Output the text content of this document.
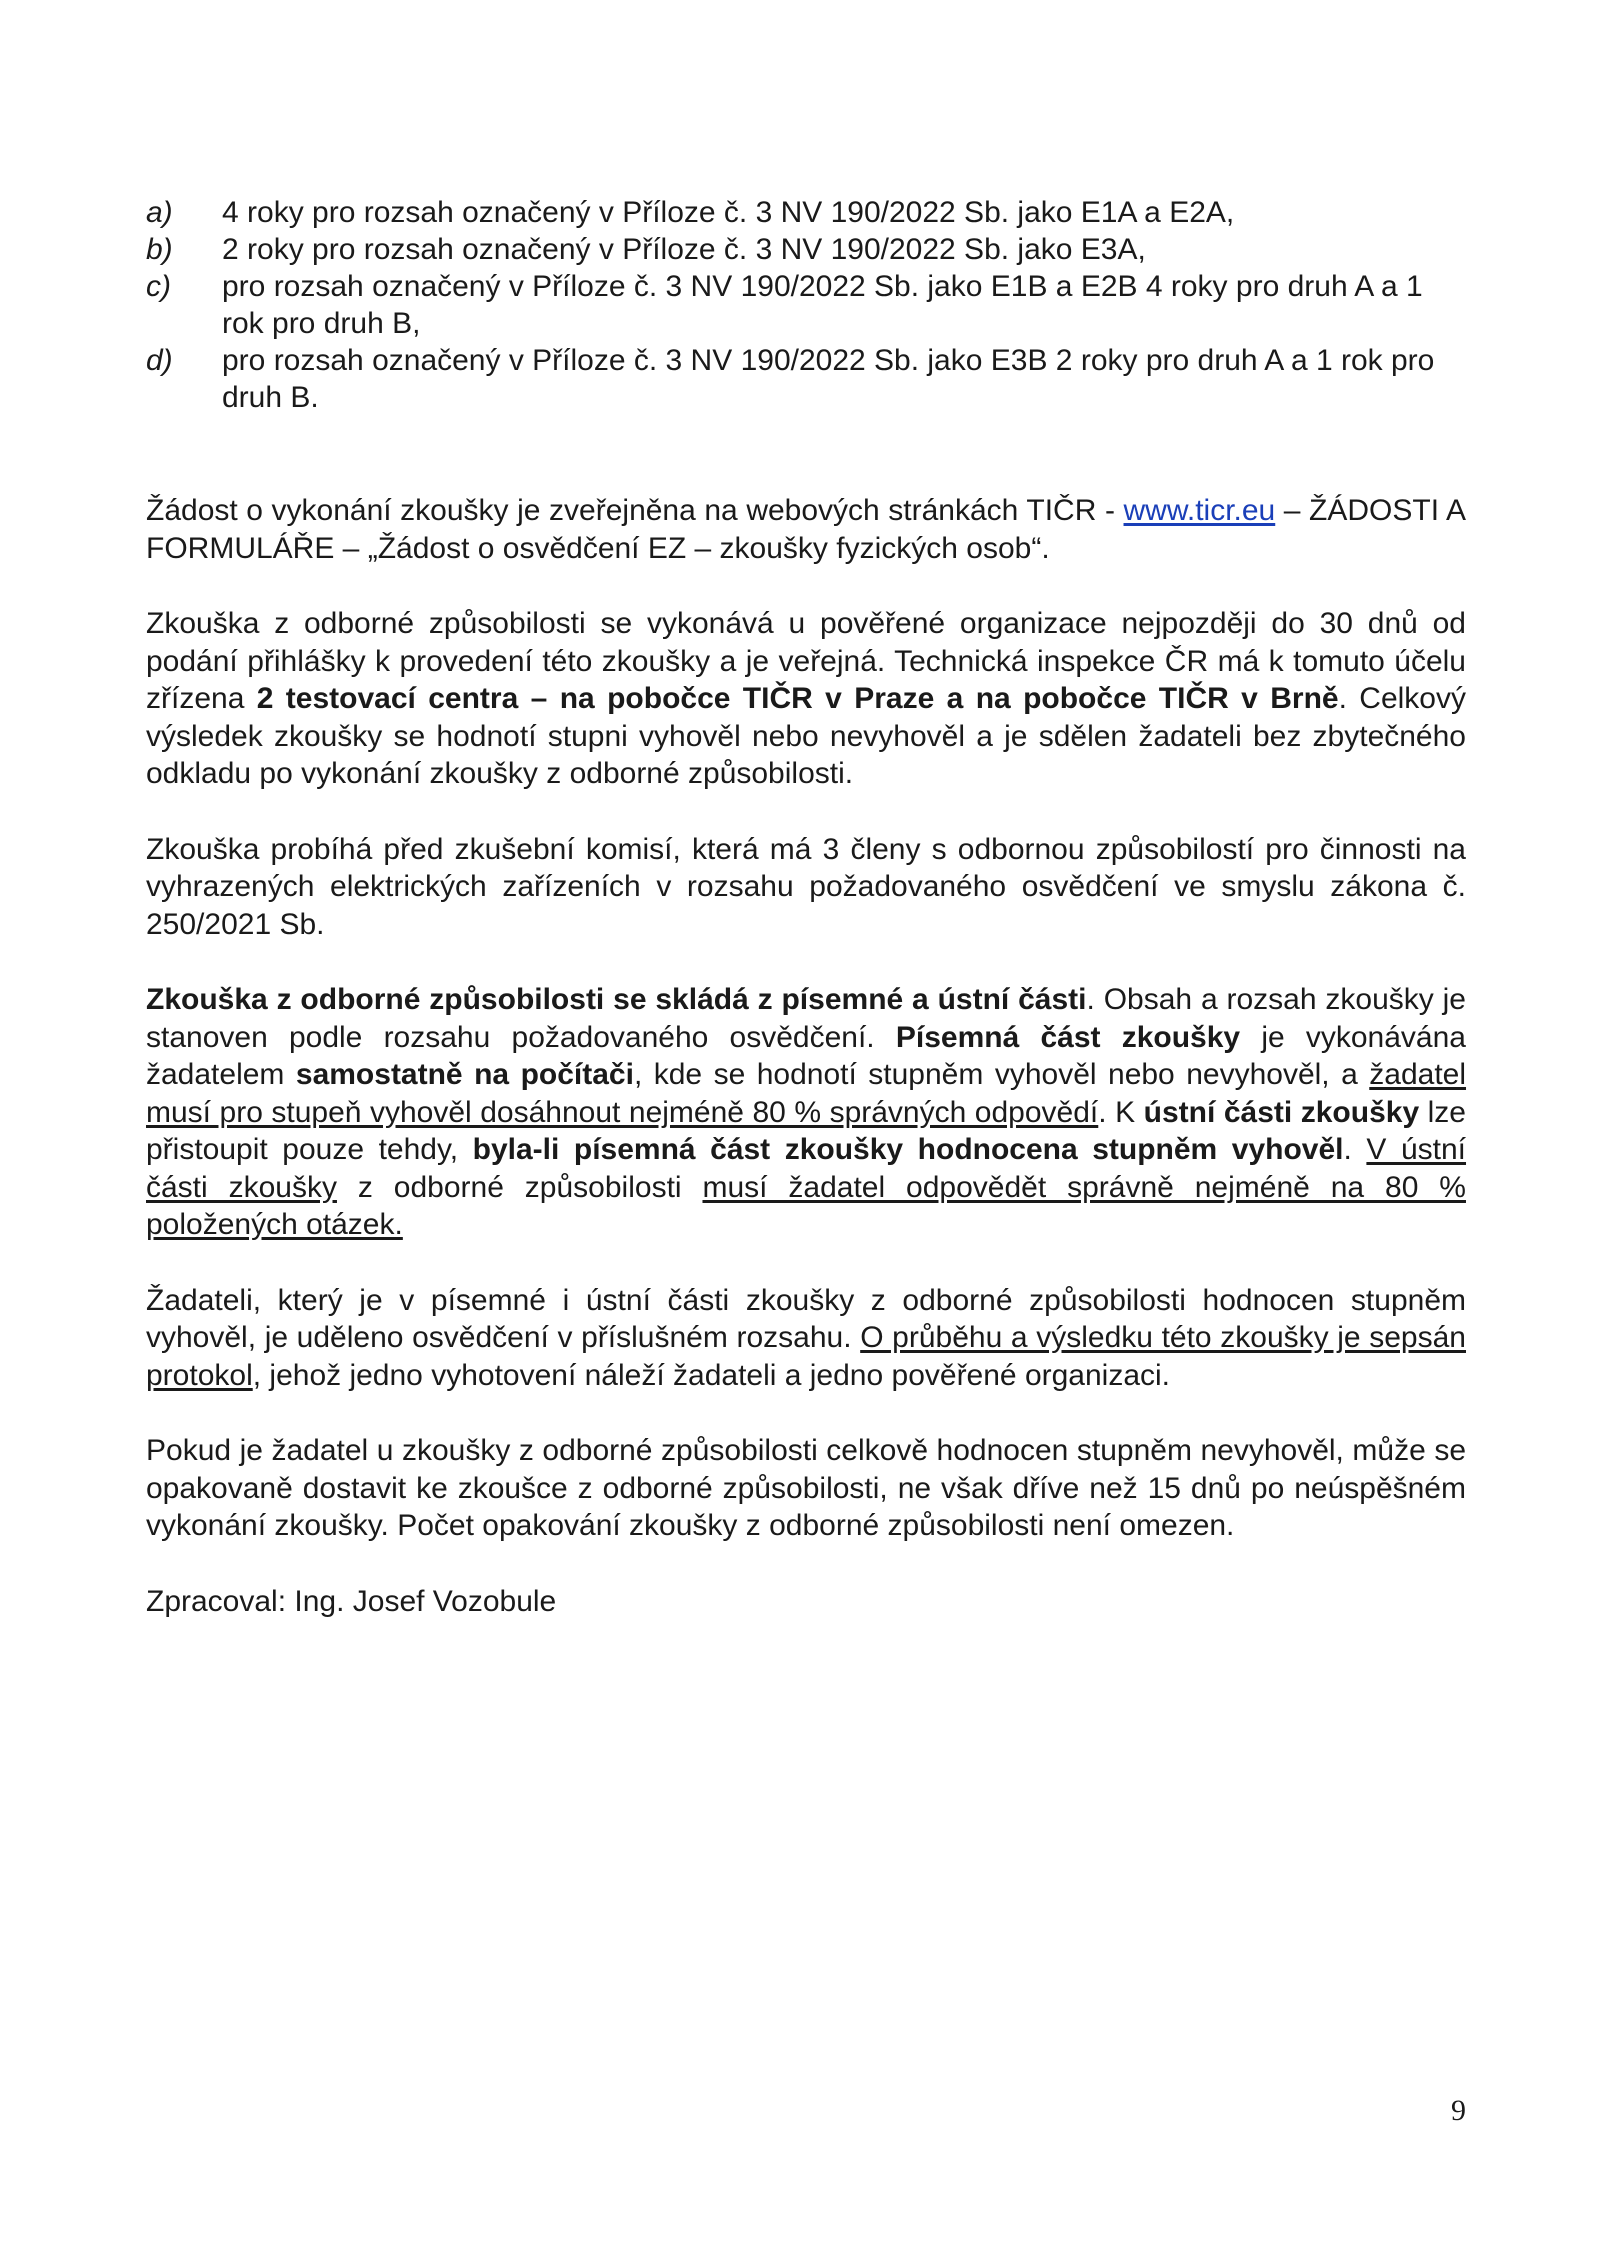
a)	4 roky pro rozsah označený v Příloze č. 3 NV 190/2022 Sb. jako E1A a E2A,
b)	2 roky pro rozsah označený v Příloze č. 3 NV 190/2022 Sb. jako E3A,
c)	pro rozsah označený v Příloze č. 3 NV 190/2022 Sb. jako E1B a E2B 4 roky pro druh A a 1 rok pro druh B,
d)	pro rozsah označený v Příloze č. 3 NV 190/2022 Sb. jako E3B 2 roky pro druh A a 1 rok pro druh B.

Žádost o vykonání zkoušky je zveřejněna na webových stránkách TIČR - www.ticr.eu – ŽÁDOSTI A FORMULÁŘE – „Žádost o osvědčení EZ – zkoušky fyzických osob“.

Zkouška z odborné způsobilosti se vykonává u pověřené organizace nejpozději do 30 dnů od podání přihlášky k provedení této zkoušky a je veřejná. Technická inspekce ČR má k tomuto účelu zřízena 2 testovací centra – na pobočce TIČR v Praze a na pobočce TIČR v Brně. Celkový výsledek zkoušky se hodnotí stupni vyhověl nebo nevyhověl a je sdělen žadateli bez zbytečného odkladu po vykonání zkoušky z odborné způsobilosti.

Zkouška probíhá před zkušební komisí, která má 3 členy s odbornou způsobilostí pro činnosti na vyhrazených elektrických zařízeních v rozsahu požadovaného osvědčení ve smyslu zákona č. 250/2021 Sb.

Zkouška z odborné způsobilosti se skládá z písemné a ústní části. Obsah a rozsah zkoušky je stanoven podle rozsahu požadovaného osvědčení. Písemná část zkoušky je vykonávána žadatelem samostatně na počítači, kde se hodnotí stupněm vyhověl nebo nevyhověl, a žadatel musí pro stupeň vyhověl dosáhnout nejméně 80 % správných odpovědí. K ústní části zkoušky lze přistoupit pouze tehdy, byla-li písemná část zkoušky hodnocena stupněm vyhověl. V ústní části zkoušky z odborné způsobilosti musí žadatel odpovědět správně nejméně na 80 % položených otázek.

Žadateli, který je v písemné i ústní části zkoušky z odborné způsobilosti hodnocen stupněm vyhověl, je uděleno osvědčení v příslušném rozsahu. O průběhu a výsledku této zkoušky je sepsán protokol, jehož jedno vyhotovení náleží žadateli a jedno pověřené organizaci.

Pokud je žadatel u zkoušky z odborné způsobilosti celkově hodnocen stupněm nevyhověl, může se opakovaně dostavit ke zkoušce z odborné způsobilosti, ne však dříve než 15 dnů po neúspěšném vykonání zkoušky. Počet opakování zkoušky z odborné způsobilosti není omezen.

Zpracoval: Ing. Josef Vozobule

9
